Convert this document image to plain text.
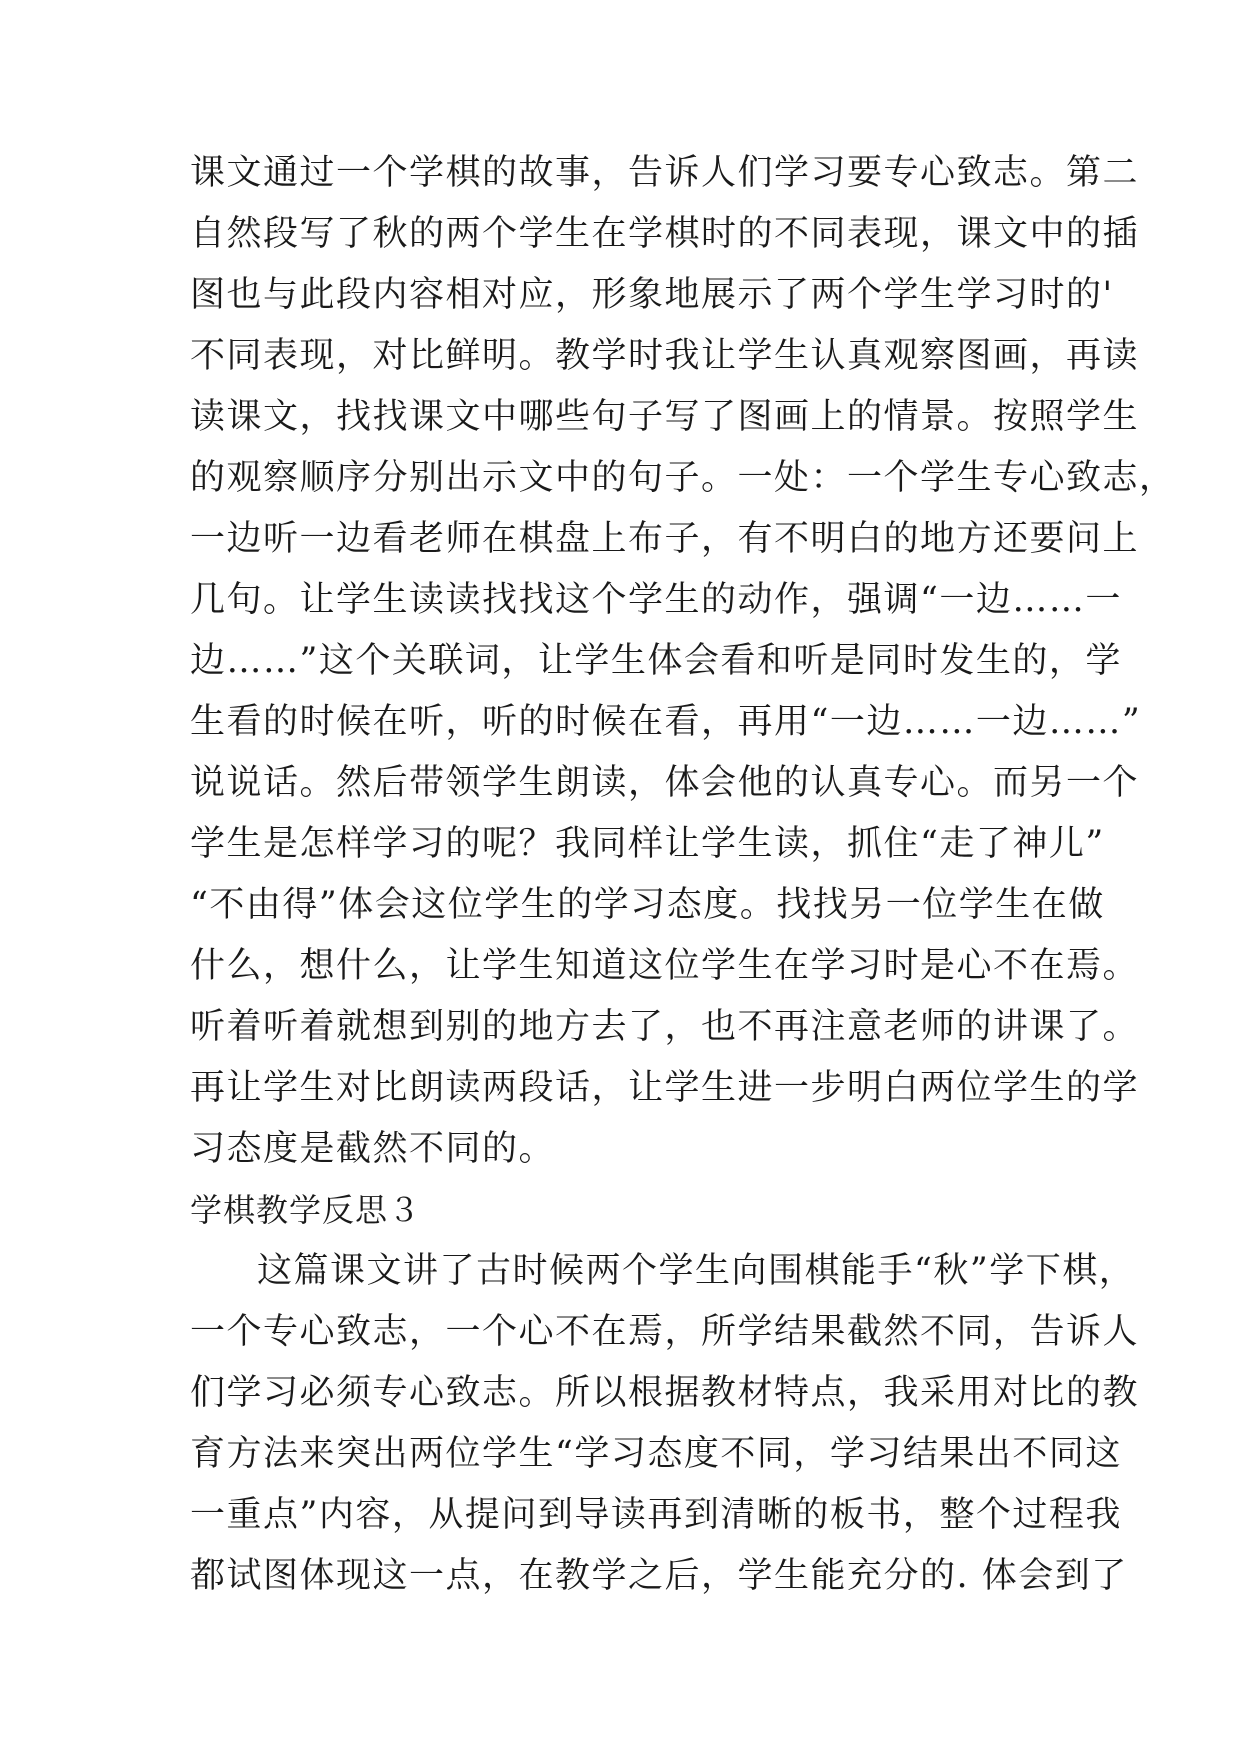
课文通过一个学棋的故事，告诉人们学习要专心致志。第二
自然段写了秋的两个学生在学棋时的不同表现，课文中的插
图也与此段内容相对应，形象地展示了两个学生学习时的'
不同表现，对比鲜明。教学时我让学生认真观察图画，再读
读课文，找找课文中哪些句子写了图画上的情景。按照学生
的观察顺序分别出示文中的句子。一处：一个学生专心致志，
一边听一边看老师在棋盘上布子，有不明白的地方还要问上
几句。让学生读读找找这个学生的动作，强调“一边……一
边……”这个关联词，让学生体会看和听是同时发生的，学
生看的时候在听，听的时候在看，再用“一边……一边……”
说说话。然后带领学生朗读，体会他的认真专心。而另一个
学生是怎样学习的呢？我同样让学生读，抓住“走了神儿”
“不由得”体会这位学生的学习态度。找找另一位学生在做
什么，想什么，让学生知道这位学生在学习时是心不在焉。
听着听着就想到别的地方去了，也不再注意老师的讲课了。
再让学生对比朗读两段话，让学生进一步明白两位学生的学
习态度是截然不同的。
学棋教学反思３
这篇课文讲了古时候两个学生向围棋能手“秋”学下棋，
一个专心致志，一个心不在焉，所学结果截然不同，告诉人
们学习必须专心致志。所以根据教材特点，我采用对比的教
育方法来突出两位学生“学习态度不同，学习结果出不同这
一重点”内容，从提问到导读再到清晰的板书，整个过程我
都试图体现这一点，在教学之后，学生能充分的. 体会到了
